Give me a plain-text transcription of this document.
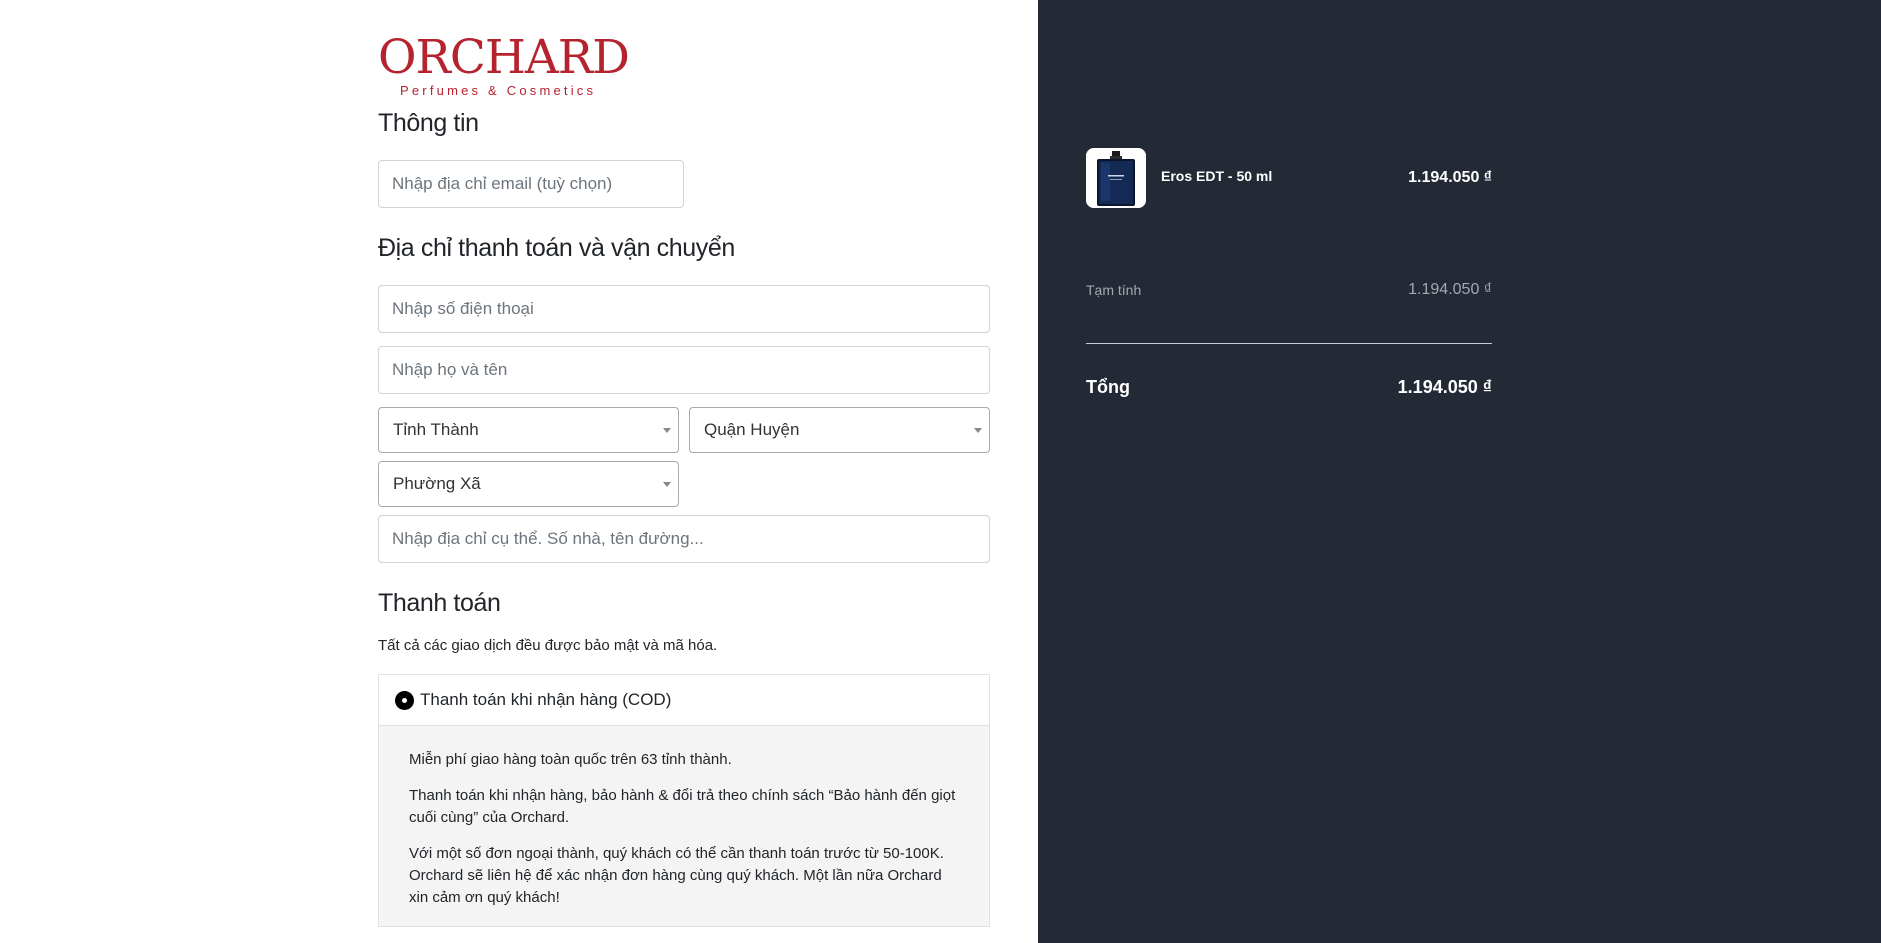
ORCHARD
Perfumes & Cosmetics
Thông tin
Nhập địa chỉ email (tuỳ chọn)
Địa chỉ thanh toán và vận chuyển
Nhập số điện thoại
Nhập họ và tên
Tỉnh Thành	Quận Huyện
Phường Xã
Nhập địa chỉ cụ thể. Số nhà, tên đường...
Thanh toán
Tất cả các giao dịch đều được bảo mật và mã hóa.
Thanh toán khi nhận hàng (COD)

Miễn phí giao hàng toàn quốc trên 63 tỉnh thành.

Thanh toán khi nhận hàng, bảo hành & đổi trả theo chính sách “Bảo hành đến giọt cuối cùng” của Orchard.

Với một số đơn ngoại thành, quý khách có thể cần thanh toán trước từ 50-100K. Orchard sẽ liên hệ để xác nhận đơn hàng cùng quý khách. Một lần nữa Orchard xin cảm ơn quý khách!

Eros EDT - 50 ml	1.194.050 ₫
Tạm tính	1.194.050 ₫
Tổng	1.194.050 ₫
